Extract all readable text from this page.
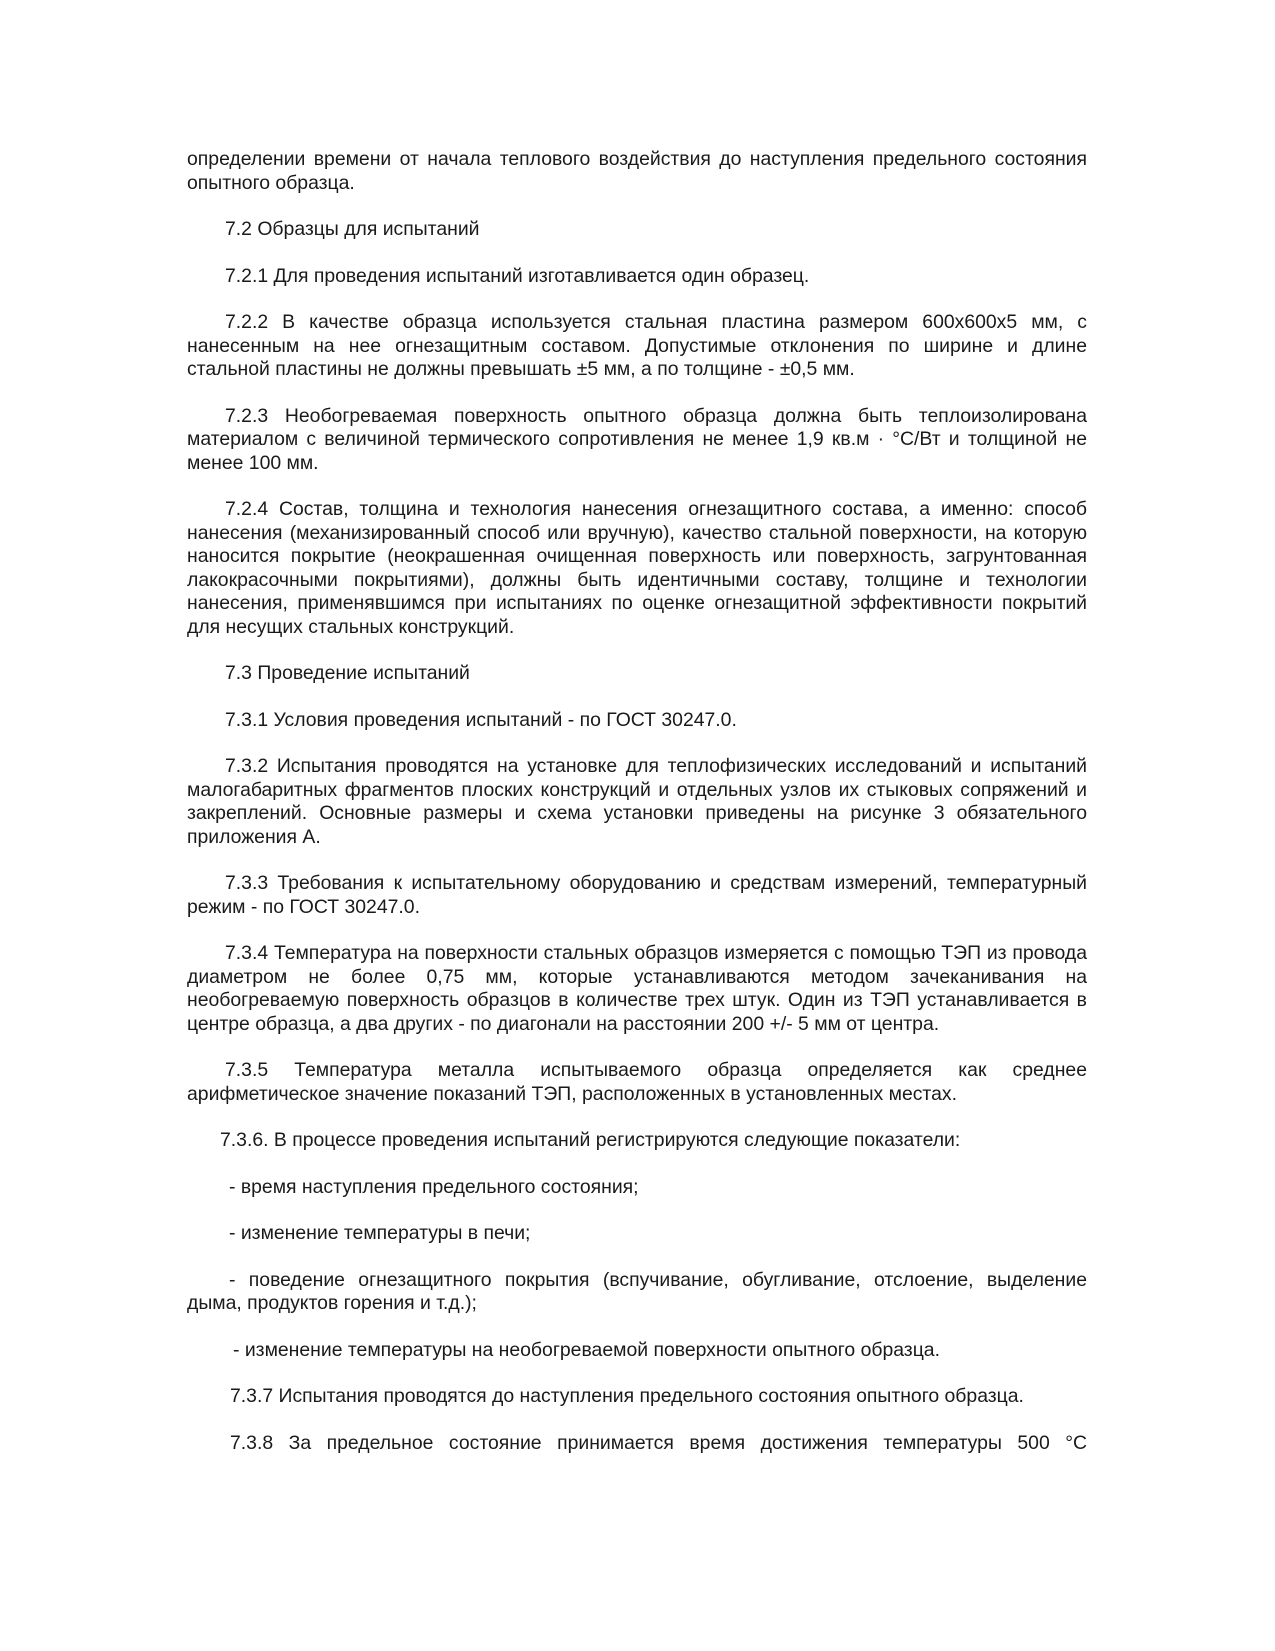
определении времени от начала теплового воздействия до наступления предельного состояния опытного образца.

7.2 Образцы для испытаний

7.2.1 Для проведения испытаний изготавливается один образец.

7.2.2 В качестве образца используется стальная пластина размером 600х600х5 мм, с нанесенным на нее огнезащитным составом. Допустимые отклонения по ширине и длине стальной пластины не должны превышать ±5 мм, а по толщине - ±0,5 мм.

7.2.3 Необогреваемая поверхность опытного образца должна быть теплоизолирована материалом с величиной термического сопротивления не менее 1,9 кв.м · °С/Вт и толщиной не менее 100 мм.

7.2.4 Состав, толщина и технология нанесения огнезащитного состава, а именно: способ нанесения (механизированный способ или вручную), качество стальной поверхности, на которую наносится покрытие (неокрашенная очищенная поверхность или поверхность, загрунтованная лакокрасочными покрытиями), должны быть идентичными составу, толщине и технологии нанесения, применявшимся при испытаниях по оценке огнезащитной эффективности покрытий для несущих стальных конструкций.

7.3 Проведение испытаний

7.3.1 Условия проведения испытаний - по ГОСТ 30247.0.

7.3.2 Испытания проводятся на установке для теплофизических исследований и испытаний малогабаритных фрагментов плоских конструкций и отдельных узлов их стыковых сопряжений и закреплений. Основные размеры и схема установки приведены на рисунке 3 обязательного приложения А.

7.3.3 Требования к испытательному оборудованию и средствам измерений, температурный режим - по ГОСТ 30247.0.

7.3.4 Температура на поверхности стальных образцов измеряется с помощью ТЭП из провода диаметром не более 0,75 мм, которые устанавливаются методом зачеканивания на необогреваемую поверхность образцов в количестве трех штук. Один из ТЭП устанавливается в центре образца, а два других - по диагонали на расстоянии 200 +/- 5 мм от центра.

7.3.5 Температура металла испытываемого образца определяется как среднее арифметическое значение показаний ТЭП, расположенных в установленных местах.

7.3.6. В процессе проведения испытаний регистрируются следующие показатели:

- время наступления предельного состояния;

- изменение температуры в печи;

- поведение огнезащитного покрытия (вспучивание, обугливание, отслоение, выделение дыма, продуктов горения и т.д.);

- изменение температуры на необогреваемой поверхности опытного образца.

7.3.7 Испытания проводятся до наступления предельного состояния опытного образца.

7.3.8 За предельное состояние принимается время достижения температуры 500 °С
